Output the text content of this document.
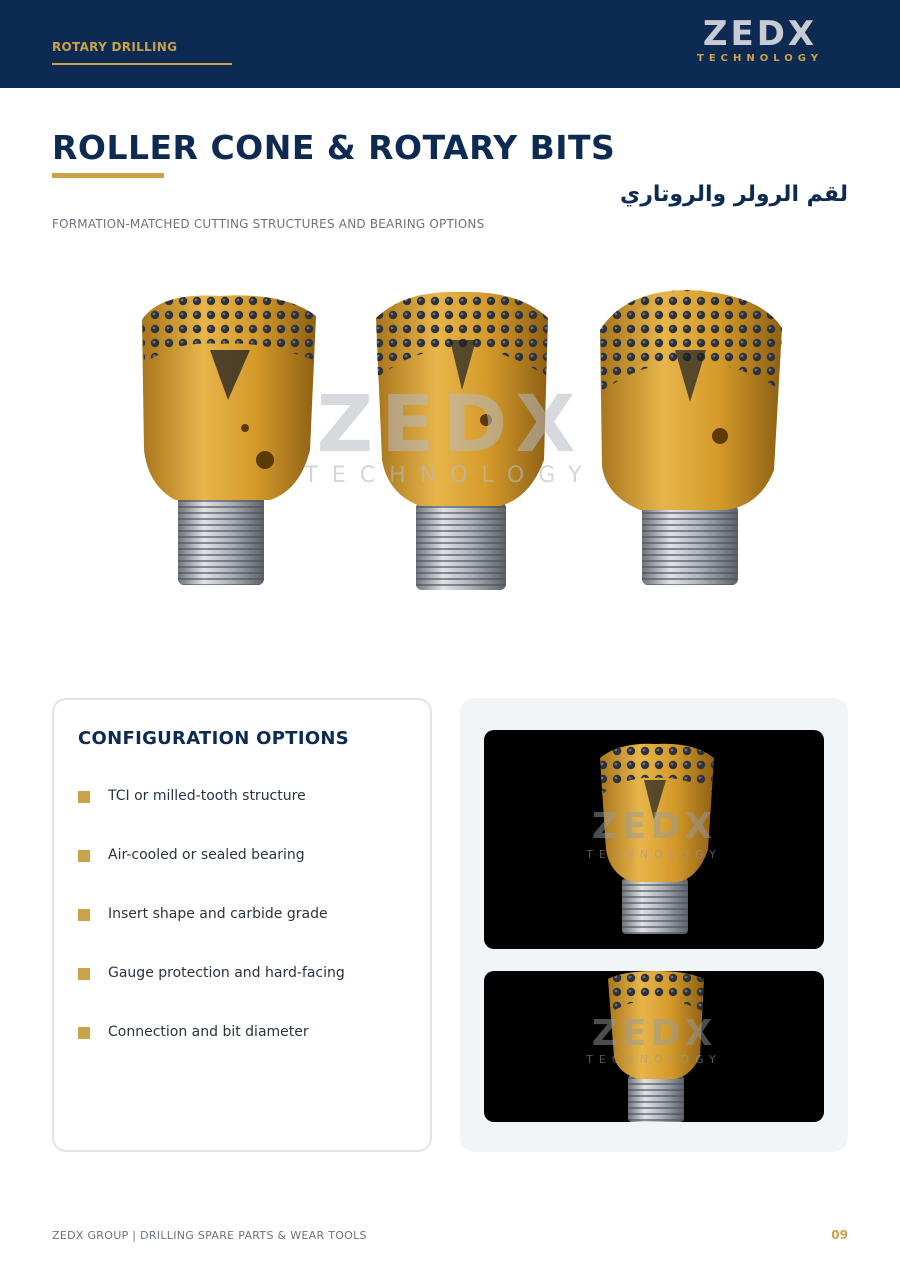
ROTARY DRILLING	ZEDX
TECHNOLOGY
ROLLER CONE & ROTARY BITS
لقم الرولر والروتاري
FORMATION-MATCHED CUTTING STRUCTURES AND BEARING OPTIONS
ZEDX
TECHNOLOGY
CONFIGURATION OPTIONS
TCI or milled-tooth structure
Air-cooled or sealed bearing
Insert shape and carbide grade
Gauge protection and hard-facing
Connection and bit diameter
ZEDX
TECHNOLOGY
ZEDX
TECHNOLOGY
ZEDX GROUP | DRILLING SPARE PARTS & WEAR TOOLS	09
